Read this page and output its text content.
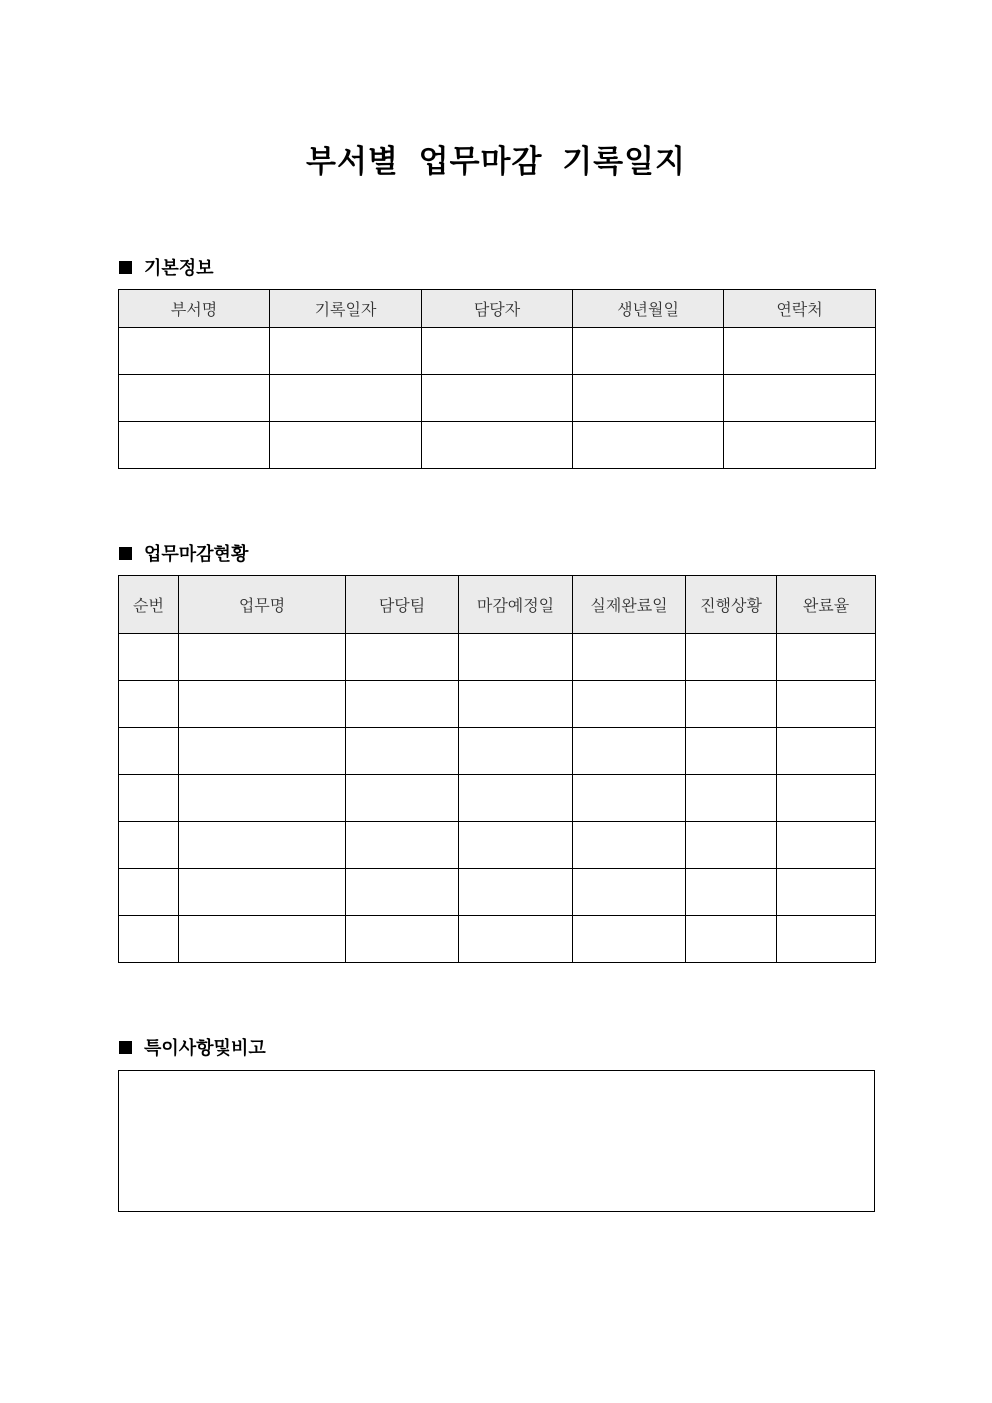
부서별 업무마감 기록일지
기본정보
부서명	기록일자	담당자	생년월일	연락처

업무마감현황
순번	업무명	담당팀	마감예정일	실제완료일	진행상황	완료율

특이사항및비고
